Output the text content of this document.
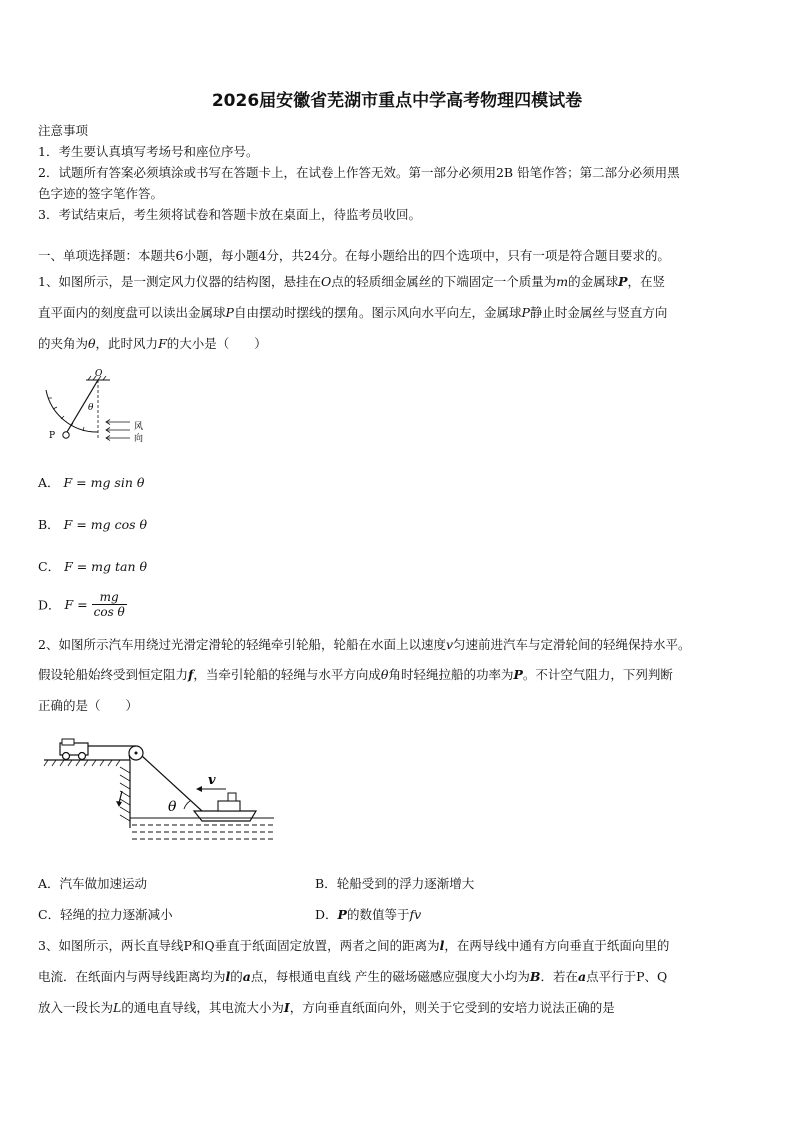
2026届安徽省芜湖市重点中学高考物理四模试卷
注意事项
1．考生要认真填写考场号和座位序号。
2．试题所有答案必须填涂或书写在答题卡上，在试卷上作答无效。第一部分必须用2B 铅笔作答；第二部分必须用黑
色字迹的签字笔作答。
3．考试结束后，考生须将试卷和答题卡放在桌面上，待监考员收回。
一、单项选择题：本题共6小题，每小题4分，共24分。在每小题给出的四个选项中，只有一项是符合题目要求的。
1、如图所示，是一测定风力仪器的结构图，悬挂在O点的轻质细金属丝的下端固定一个质量为m的金属球P，在竖
直平面内的刻度盘可以读出金属球P自由摆动时摆线的摆角。图示风向水平向左，金属球P静止时金属丝与竖直方向
的夹角为θ，此时风力F的大小是（　　）
O
θ
P
风
向
A． F = mg sin θ
B． F = mg cos θ
C． F = mg tan θ
D． $F = \frac{mg}{\text{cos θ}}$
2、如图所示汽车用绕过光滑定滑轮的轻绳牵引轮船，轮船在水面上以速度v匀速前进汽车与定滑轮间的轻绳保持水平。
假设轮船始终受到恒定阻力f，当牵引轮船的轻绳与水平方向成θ角时轻绳拉船的功率为P。不计空气阻力，下列判断
正确的是（　　）
θ
v
A．汽车做加速运动	B．轮船受到的浮力逐渐增大
C．轻绳的拉力逐渐减小	D．P的数值等于fv
3、如图所示，两长直导线P和Q垂直于纸面固定放置，两者之间的距离为l，在两导线中通有方向垂直于纸面向里的
电流．在纸面内与两导线距离均为l的a点，每根通电直线 产生的磁场磁感应强度大小均为B．若在a点平行于P、Q
放入一段长为L的通电直导线，其电流大小为I，方向垂直纸面向外，则关于它受到的安培力说法正确的是
